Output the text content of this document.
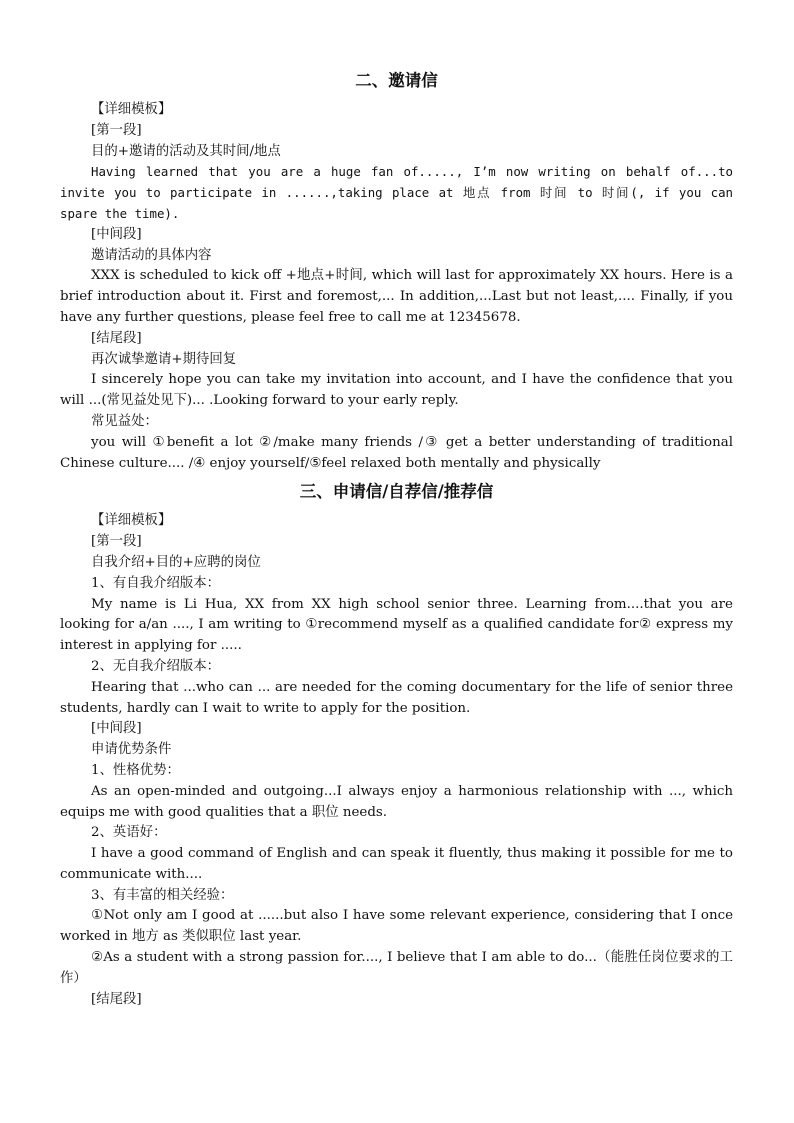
二、邀请信

【详细模板】

[第一段]

目的+邀请的活动及其时间/地点

Having learned that you are a huge fan of....., I’m now writing on behalf of...to invite you to participate in ......,taking place at 地点 from 时间 to 时间(, if you can spare the time).

[中间段]

邀请活动的具体内容

XXX is scheduled to kick off +地点+时间, which will last for approximately XX hours. Here is a brief introduction about it. First and foremost,... In addition,...Last but not least,.... Finally, if you have any further questions, please feel free to call me at 12345678.

[结尾段]

再次诚挚邀请+期待回复

I sincerely hope you can take my invitation into account, and I have the confidence that you will ...(常见益处见下)... .Looking forward to your early reply.

常见益处：

you will ①benefit a lot ②/make many friends /③ get a better understanding of traditional Chinese culture.... /④ enjoy yourself/⑤feel relaxed both mentally and physically

三、申请信/自荐信/推荐信

【详细模板】

[第一段]

自我介绍+目的+应聘的岗位

1、有自我介绍版本：

My name is Li Hua, XX from XX high school senior three. Learning from....that you are looking for a/an ...., I am writing to ①recommend myself as a qualified candidate for② express my interest in applying for .....

2、无自我介绍版本：

Hearing that ...who can ... are needed for the coming documentary for the life of senior three students, hardly can I wait to write to apply for the position.

[中间段]

申请优势条件

1、性格优势：

As an open-minded and outgoing...I always enjoy a harmonious relationship with ..., which equips me with good qualities that a 职位 needs.

2、英语好：

I have a good command of English and can speak it fluently, thus making it possible for me to communicate with....

3、有丰富的相关经验：

①Not only am I good at ......but also I have some relevant experience, considering that I once worked in 地方 as 类似职位 last year.

②As a student with a strong passion for...., I believe that I am able to do...（能胜任岗位要求的工作）

[结尾段]
